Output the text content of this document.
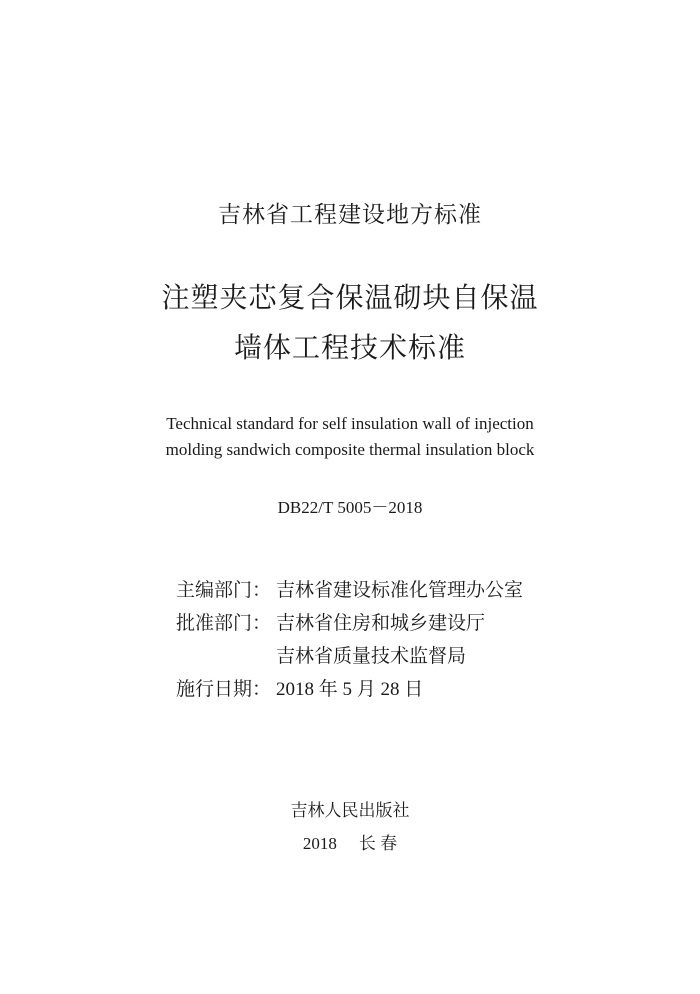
吉林省工程建设地方标准
注塑夹芯复合保温砌块自保温
墙体工程技术标准
Technical standard for self insulation wall of injection
molding sandwich composite thermal insulation block
DB22/T 5005－2018
主编部门： 吉林省建设标准化管理办公室
批准部门： 吉林省住房和城乡建设厅
吉林省质量技术监督局
施行日期： 2018 年 5 月 28 日
吉林人民出版社
2018 长 春
